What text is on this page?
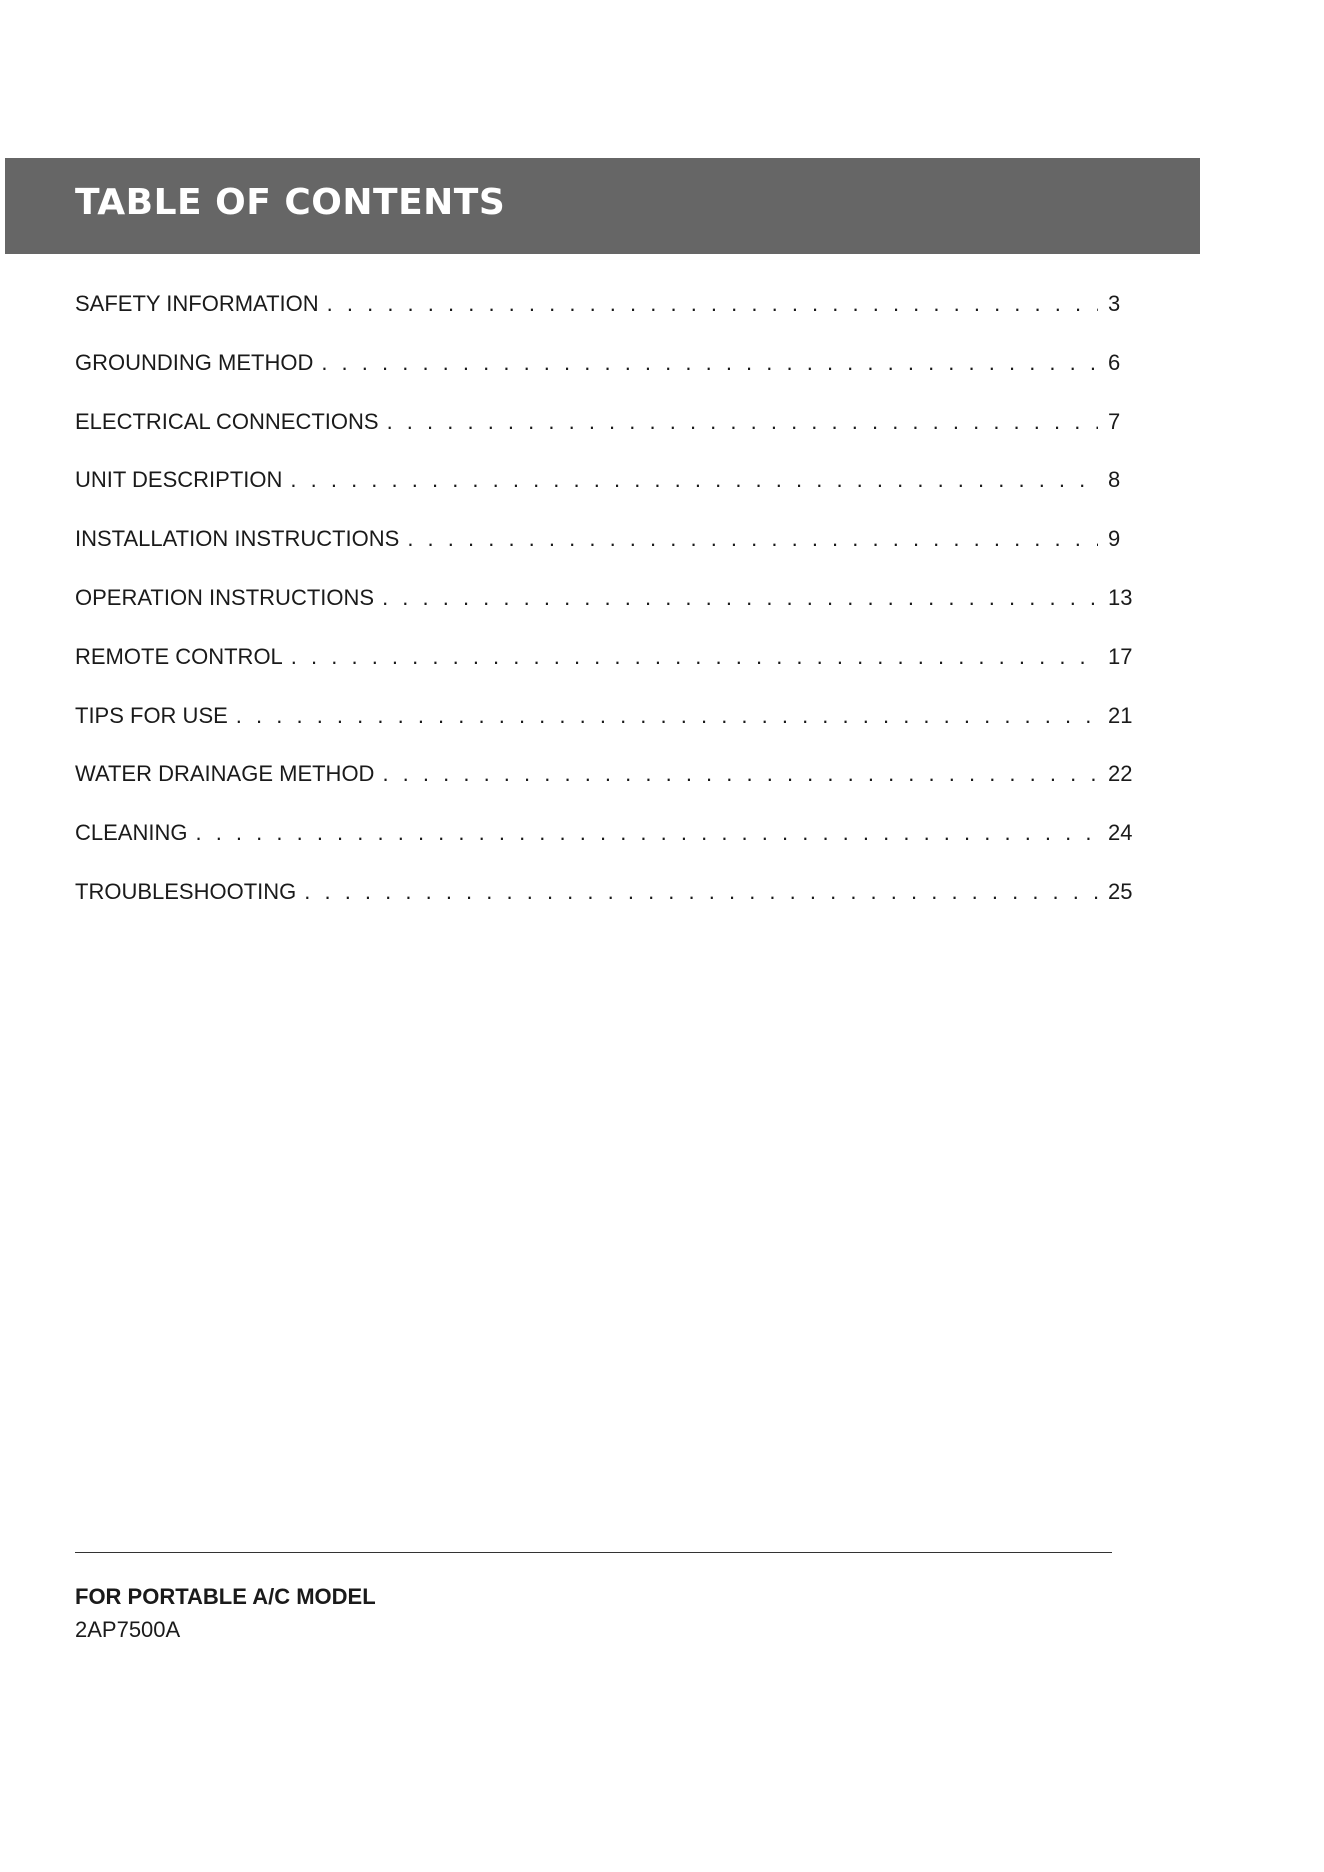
TABLE OF CONTENTS
SAFETY INFORMATION . . .	3
GROUNDING METHOD . . .	6
ELECTRICAL CONNECTIONS . . .	7
UNIT DESCRIPTION . . .	8
INSTALLATION INSTRUCTIONS . . .	9
OPERATION INSTRUCTIONS . . .	13
REMOTE CONTROL . . .	17
TIPS FOR USE . . .	21
WATER DRAINAGE METHOD . . .	22
CLEANING . . .	24
TROUBLESHOOTING . . .	25

FOR PORTABLE A/C MODEL

2AP7500A
